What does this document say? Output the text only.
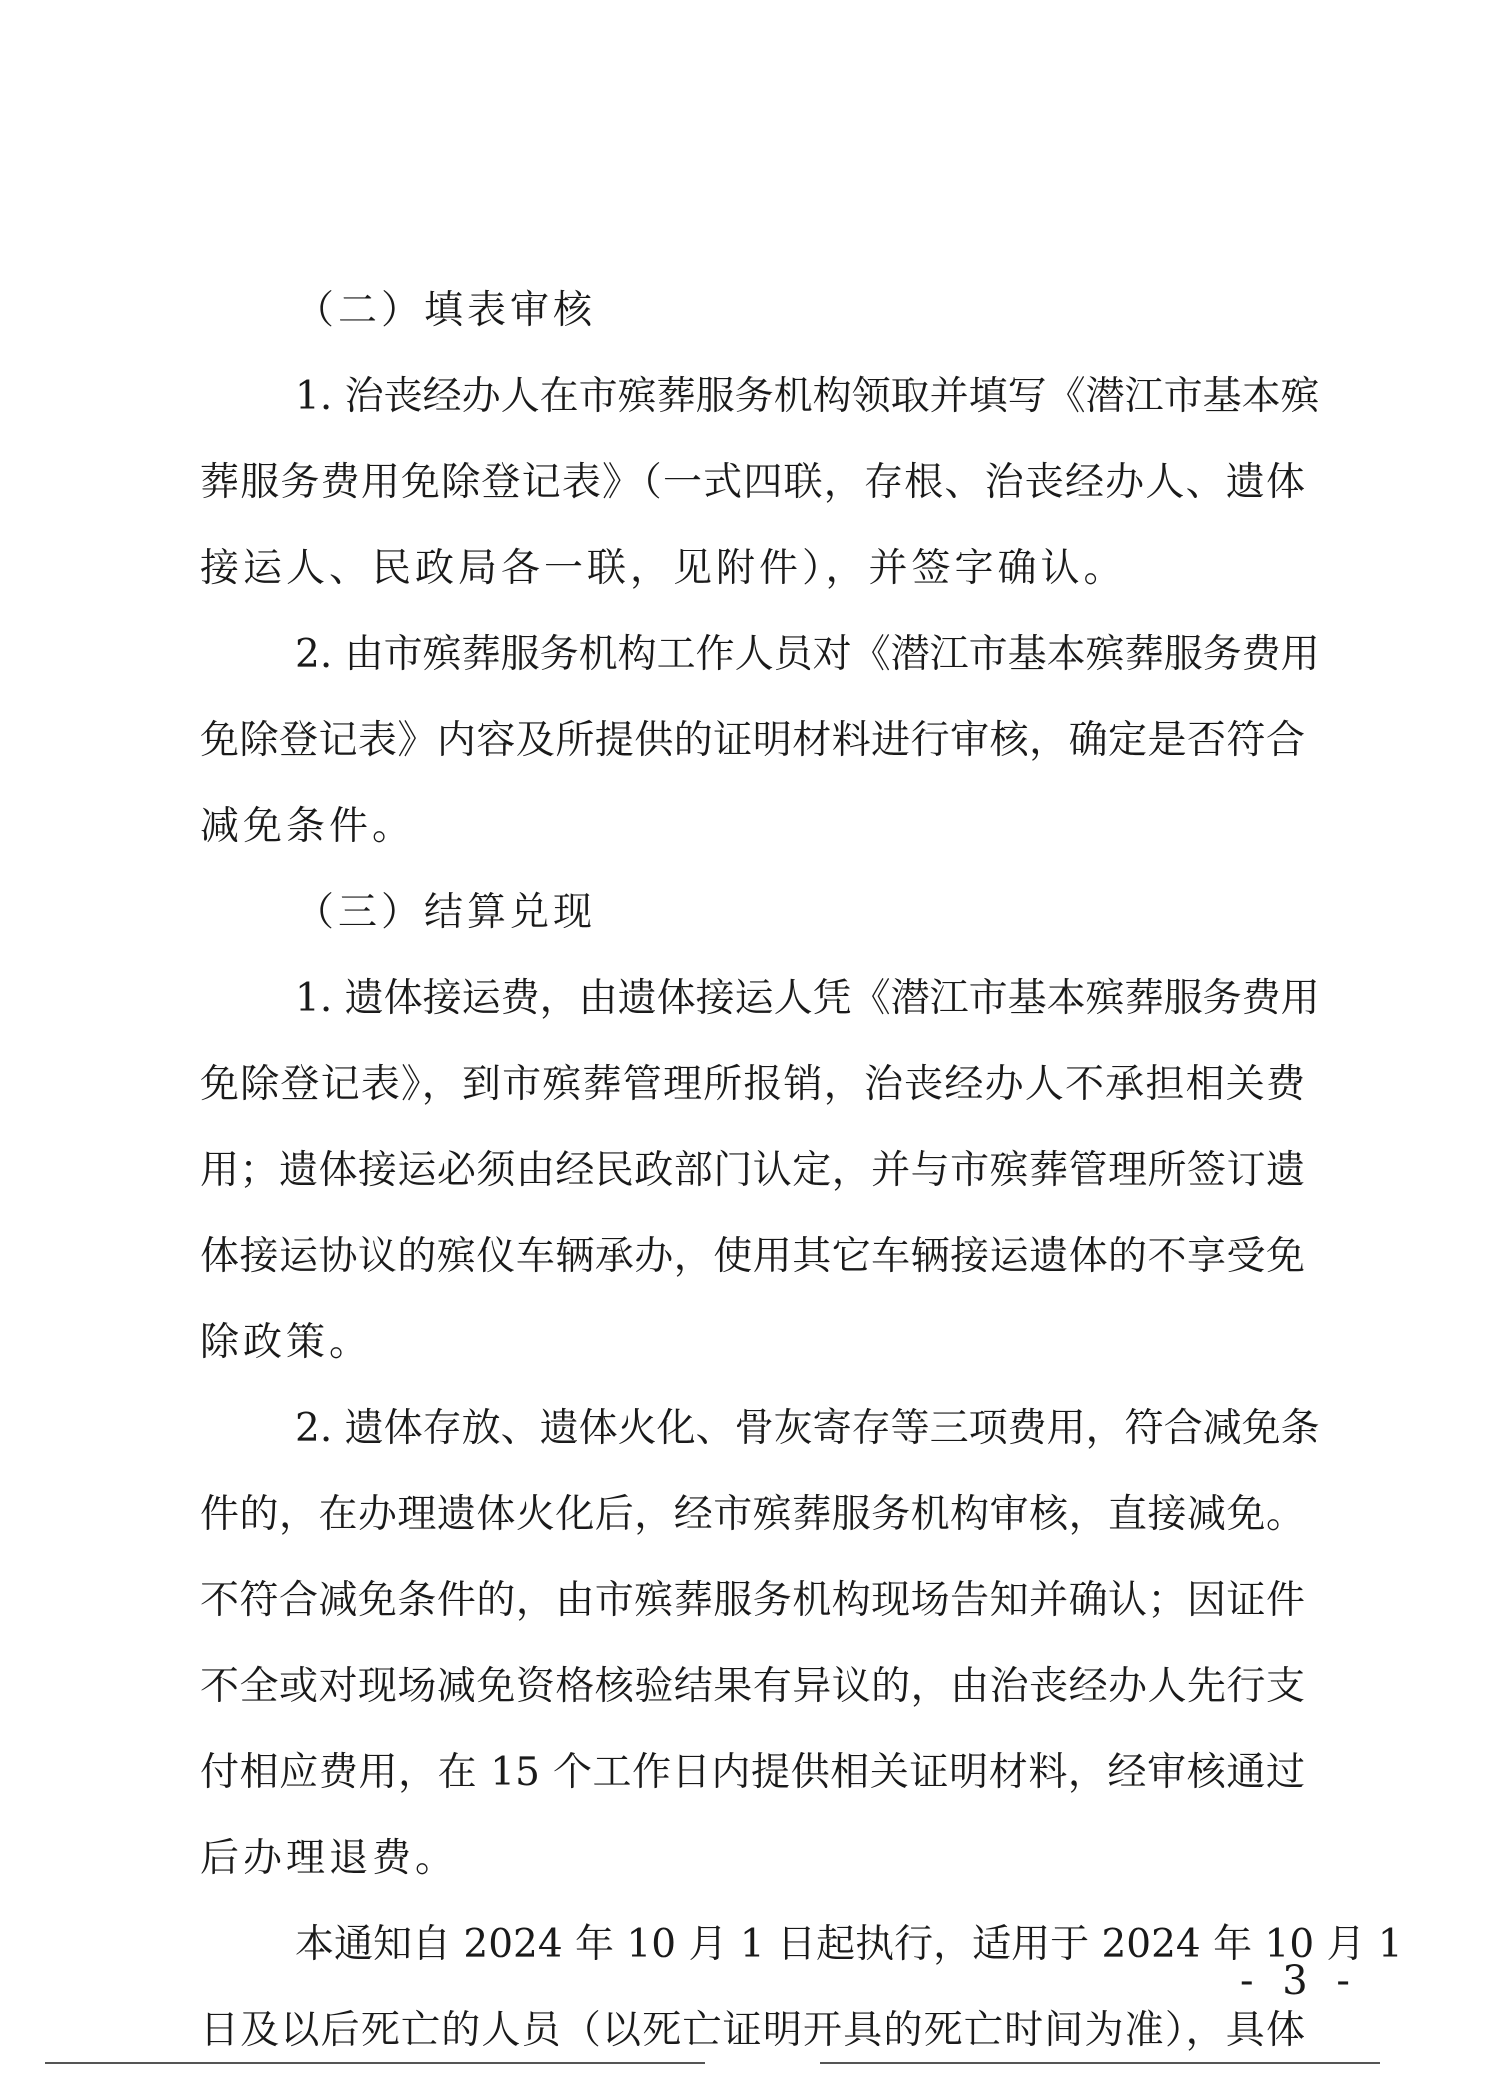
（二）填表审核
1. 治丧经办人在市殡葬服务机构领取并填写《潜江市基本殡
葬服务费用免除登记表》（一式四联，存根、治丧经办人、遗体
接运人、民政局各一联，见附件），并签字确认。
2. 由市殡葬服务机构工作人员对《潜江市基本殡葬服务费用
免除登记表》内容及所提供的证明材料进行审核，确定是否符合
减免条件。
（三）结算兑现
1. 遗体接运费，由遗体接运人凭《潜江市基本殡葬服务费用
免除登记表》，到市殡葬管理所报销，治丧经办人不承担相关费
用；遗体接运必须由经民政部门认定，并与市殡葬管理所签订遗
体接运协议的殡仪车辆承办，使用其它车辆接运遗体的不享受免
除政策。
2. 遗体存放、遗体火化、骨灰寄存等三项费用，符合减免条
件的，在办理遗体火化后，经市殡葬服务机构审核，直接减免。
不符合减免条件的，由市殡葬服务机构现场告知并确认；因证件
不全或对现场减免资格核验结果有异议的，由治丧经办人先行支
付相应费用，在 15 个工作日内提供相关证明材料，经审核通过
后办理退费。
本通知自 2024 年 10 月 1 日起执行，适用于 2024 年 10 月 1
日及以后死亡的人员（以死亡证明开具的死亡时间为准），具体
- 3 -
